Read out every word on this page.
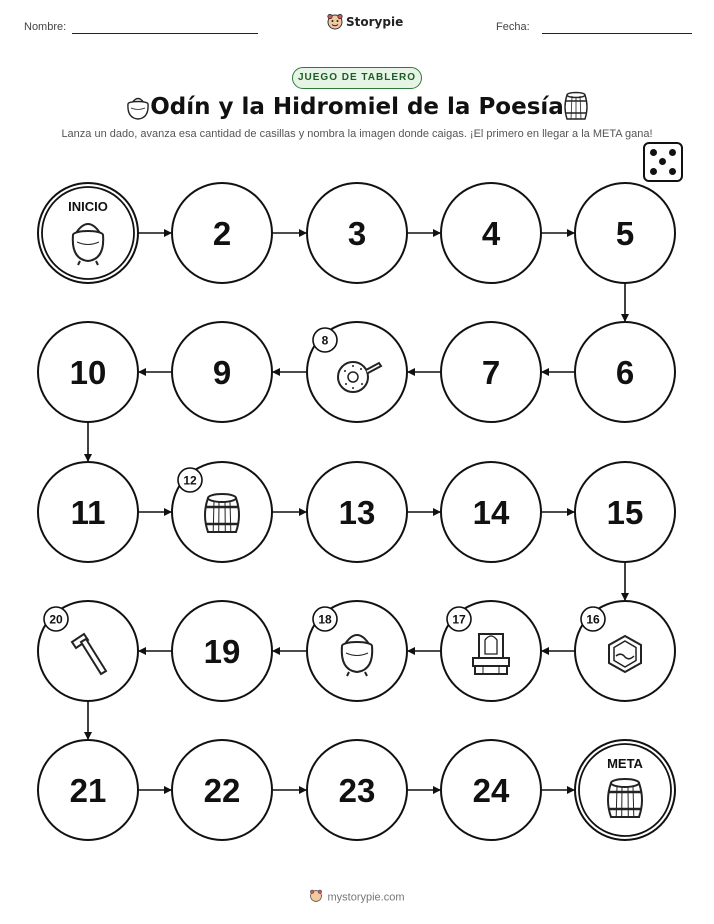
Nombre:	Storypie	Fecha:
JUEGO DE TABLERO
Odín y la Hidromiel de la Poesía
Lanza un dado, avanza esa cantidad de casillas y nombra la imagen donde caigas. ¡El primero en llegar a la META gana!
INICIO
2	3	4	5
6
7
8
9
10
11
12
13	14	15
16
17
18
19
20
21	22	23	24
META
mystorypie.com
